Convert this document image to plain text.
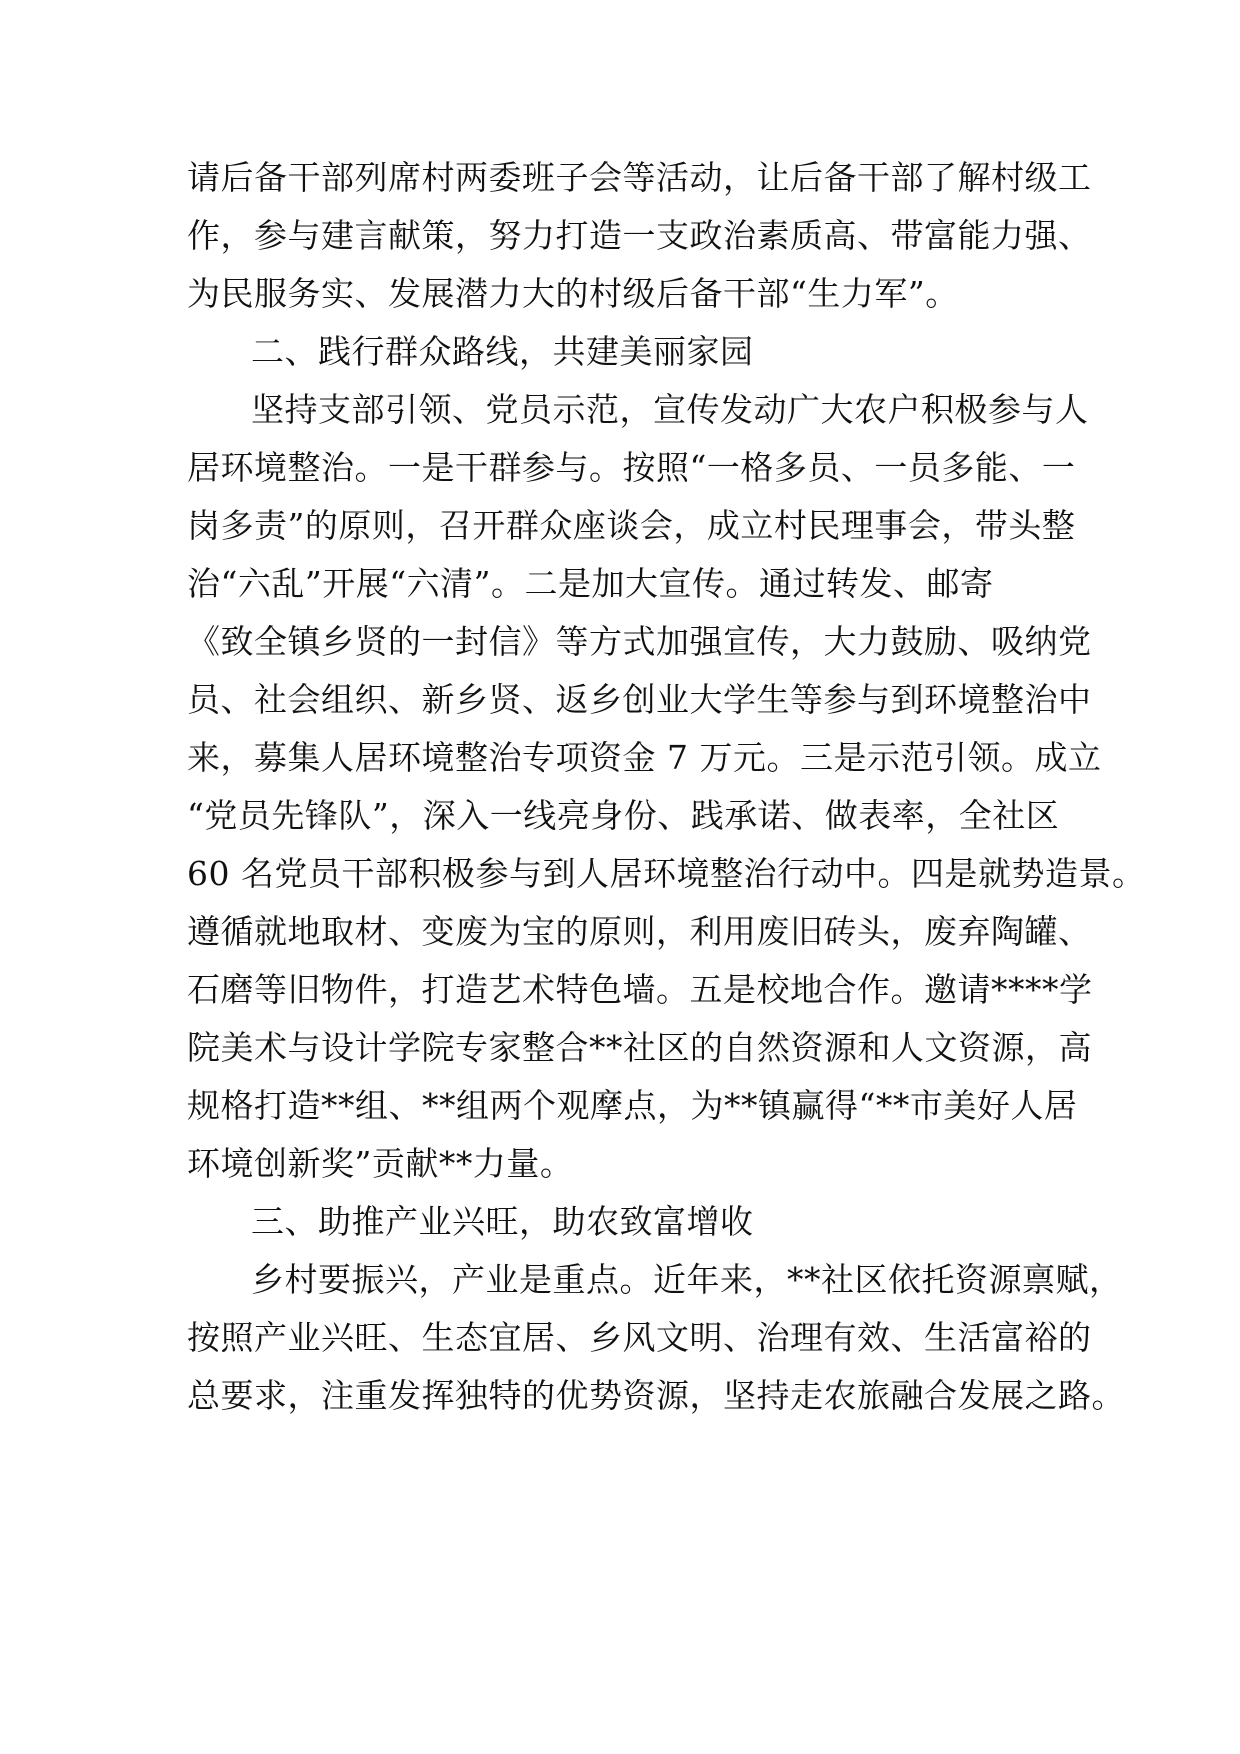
请后备干部列席村两委班子会等活动，让后备干部了解村级工
作，参与建言献策，努力打造一支政治素质高、带富能力强、
为民服务实、发展潜力大的村级后备干部“生力军”。
二、践行群众路线，共建美丽家园
坚持支部引领、党员示范，宣传发动广大农户积极参与人
居环境整治。一是干群参与。按照“一格多员、一员多能、一
岗多责”的原则，召开群众座谈会，成立村民理事会，带头整
治“六乱”开展“六清”。二是加大宣传。通过转发、邮寄
《致全镇乡贤的一封信》等方式加强宣传，大力鼓励、吸纳党
员、社会组织、新乡贤、返乡创业大学生等参与到环境整治中
来，募集人居环境整治专项资金 7 万元。三是示范引领。成立
“党员先锋队”，深入一线亮身份、践承诺、做表率，全社区
60 名党员干部积极参与到人居环境整治行动中。四是就势造景。
遵循就地取材、变废为宝的原则，利用废旧砖头，废弃陶罐、
石磨等旧物件，打造艺术特色墙。五是校地合作。邀请****学
院美术与设计学院专家整合**社区的自然资源和人文资源，高
规格打造**组、**组两个观摩点，为**镇赢得“**市美好人居
环境创新奖”贡献**力量。
三、助推产业兴旺，助农致富增收
乡村要振兴，产业是重点。近年来，**社区依托资源禀赋，
按照产业兴旺、生态宜居、乡风文明、治理有效、生活富裕的
总要求，注重发挥独特的优势资源，坚持走农旅融合发展之路。
